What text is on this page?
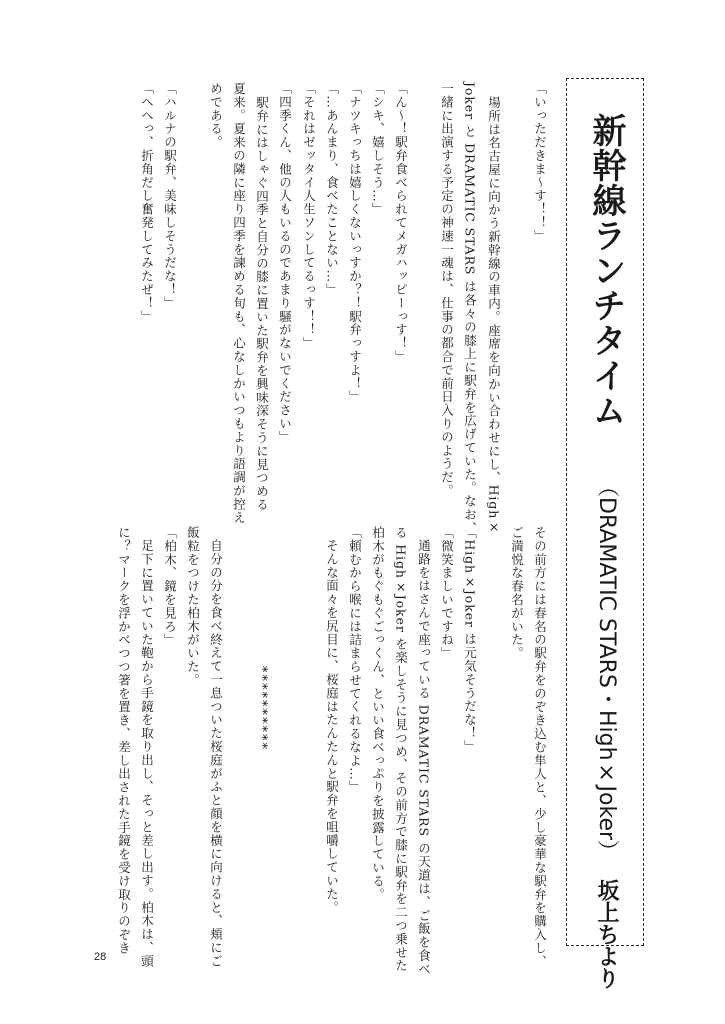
新幹線ランチタイム
（DRAMATIC STARS・High×Joker）
坂上ちより
「いっただきま〜す！！」
場所は名古屋に向かう新幹線の車内。座席を向かい合わせにし、High×
Joker と DRAMATIC STARS は各々の膝上に駅弁を広げていた。なお、
一緒に出演する予定の神速一魂は、仕事の都合で前日入りのようだ。
「ん〜！駅弁食べられてメガハッピーっす！」
「シキ、嬉しそう…」
「ナツキっちは嬉しくないっすか？！駅弁っすよ！」
「…あんまり、食べたことない…」
「それはゼッタイ人生ソンしてるっす！！」
「四季くん、他の人もいるのであまり騒がないでください」
駅弁にはしゃぐ四季と自分の膝に置いた駅弁を興味深そうに見つめる
夏来。夏来の隣に座り四季を諫める旬も、心なしかいつもより語調が控え
めである。
「ハルナの駅弁、美味しそうだな！」
「へへっ、折角だし奮発してみたぜ！」
その前方には春名の駅弁をのぞき込む隼人と、少し豪華な駅弁を購入し、
ご満悦な春名がいた。
「High×Joker は元気そうだな！」
「微笑ましいですね」
通路をはさんで座っている DRAMATIC STARS の天道は、ご飯を食べ
る High×Joker を楽しそうに見つめ、その前方で膝に駅弁を二つ乗せた
柏木がもぐもぐごっくん、といい食べっぷりを披露している。
「頼むから喉には詰まらせてくれるなよ…」
そんな面々を尻目に、桜庭はたんたんと駅弁を咀嚼していた。
**********
自分の分を食べ終えて一息ついた桜庭がふと顔を横に向けると、頬にご
飯粒をつけた柏木がいた。
「柏木、鏡を見ろ」
足下に置いていた鞄から手鏡を取り出し、そっと差し出す。柏木は、頭
に？マークを浮かべつつ箸を置き、差し出された手鏡を受け取りのぞき
28
